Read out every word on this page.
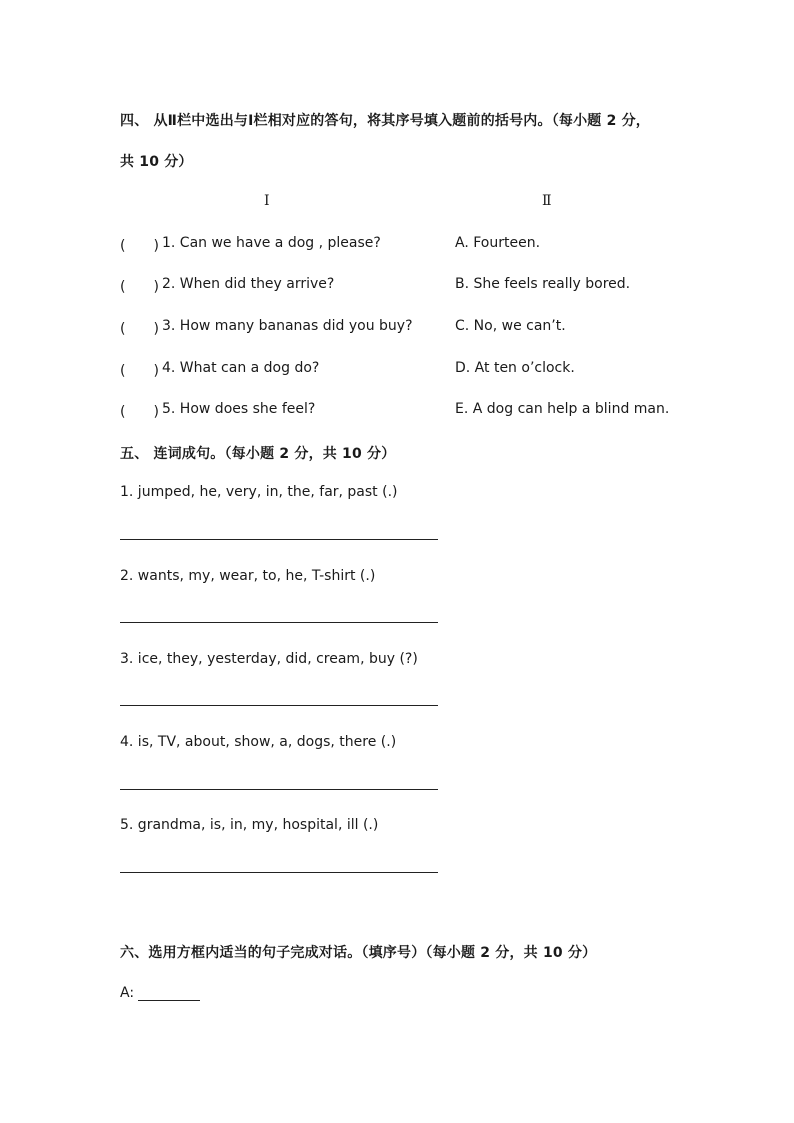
四、 从Ⅱ栏中选出与Ⅰ栏相对应的答句，将其序号填入题前的括号内。（每小题 2 分，
共 10 分）
Ⅰ	Ⅱ
(　　) 1. Can we have a dog , please?
(　　) 2. When did they arrive?
(　　) 3. How many bananas did you buy?
(　　) 4. What can a dog do?
(　　) 5. How does she feel?
A. Fourteen.
B. She feels really bored.
C. No, we can’t.
D. At ten o’clock.
E. A dog can help a blind man.
五、 连词成句。（每小题 2 分，共 10 分）
1. jumped, he, very, in, the, far, past (.)
2. wants, my, wear, to, he, T-shirt (.)
3. ice, they, yesterday, did, cream, buy (?)
4. is, TV, about, show, a, dogs, there (.)
5. grandma, is, in, my, hospital, ill (.)
六、选用方框内适当的句子完成对话。（填序号）（每小题 2 分，共 10 分）
A:
